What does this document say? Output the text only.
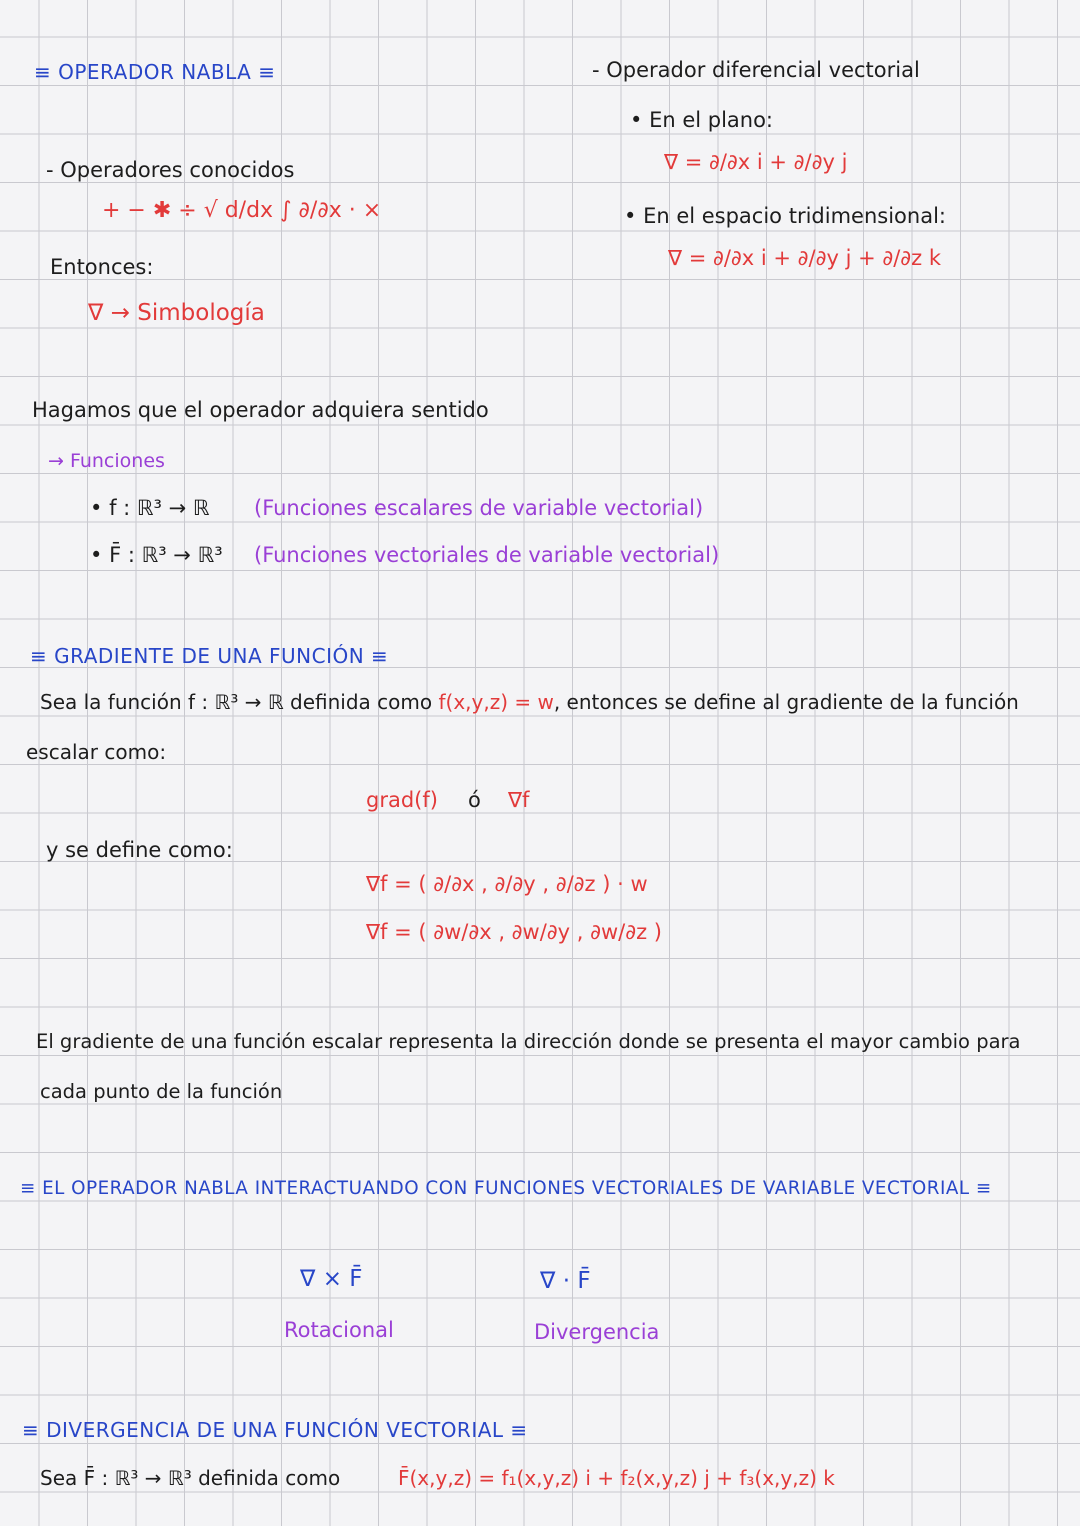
≡ OPERADOR NABLA ≡
- Operadores conocidos
+ − ✱ ÷ √ d/dx ∫ ∂/∂x · ×
Entonces:
∇ → Simbología
- Operador diferencial vectorial
• En el plano:
∇ = ∂/∂x i + ∂/∂y j
• En el espacio tridimensional:
∇ = ∂/∂x i + ∂/∂y j + ∂/∂z k
Hagamos que el operador adquiera sentido
→ Funciones
• f : ℝ³ → ℝ (Funciones escalares de variable vectorial)
• F̄ : ℝ³ → ℝ³ (Funciones vectoriales de variable vectorial)
≡ GRADIENTE DE UNA FUNCIÓN ≡
Sea la función f : ℝ³ → ℝ definida como f(x,y,z) = w, entonces se define al gradiente de la función
escalar como:
grad(f) ó ∇f
y se define como:
∇f = ( ∂/∂x , ∂/∂y , ∂/∂z ) · w
∇f = ( ∂w/∂x , ∂w/∂y , ∂w/∂z )
El gradiente de una función escalar representa la dirección donde se presenta el mayor cambio para
cada punto de la función
≡ EL OPERADOR NABLA INTERACTUANDO CON FUNCIONES VECTORIALES DE VARIABLE VECTORIAL ≡
∇ × F̄
Rotacional
∇ · F̄
Divergencia
≡ DIVERGENCIA DE UNA FUNCIÓN VECTORIAL ≡
Sea F̄ : ℝ³ → ℝ³ definida como	F̄(x,y,z) = f₁(x,y,z) i + f₂(x,y,z) j + f₃(x,y,z) k
